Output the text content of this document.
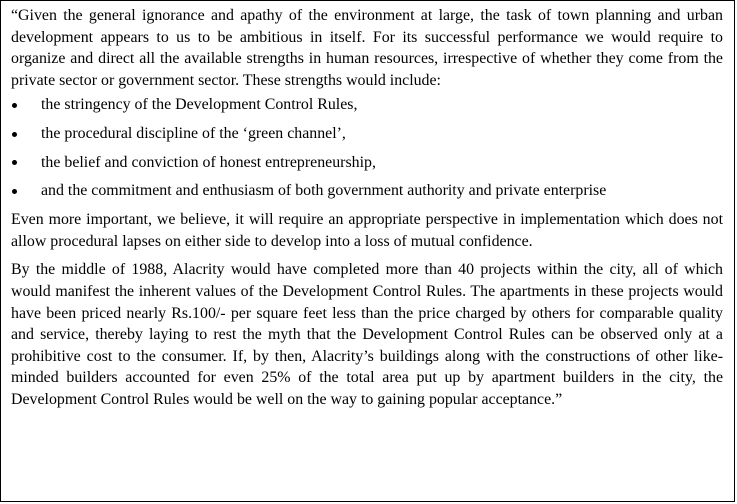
“Given the general ignorance and apathy of the environment at large, the task of town planning and urban development appears to us to be ambitious in itself. For its successful performance we would require to organize and direct all the available strengths in human resources, irrespective of whether they come from the private sector or government sector. These strengths would include:

the stringency of the Development Control Rules,
the procedural discipline of the ‘green channel’,
the belief and conviction of honest entrepreneurship,
and the commitment and enthusiasm of both government authority and private enterprise

Even more important, we believe, it will require an appropriate perspective in implementation which does not allow procedural lapses on either side to develop into a loss of mutual confidence.

By the middle of 1988, Alacrity would have completed more than 40 projects within the city, all of which would manifest the inherent values of the Development Control Rules. The apartments in these projects would have been priced nearly Rs.100/- per square feet less than the price charged by others for comparable quality and service, thereby laying to rest the myth that the Development Control Rules can be observed only at a prohibitive cost to the consumer. If, by then, Alacrity’s buildings along with the constructions of other like-minded builders accounted for even 25% of the total area put up by apartment builders in the city, the Development Control Rules would be well on the way to gaining popular acceptance.”
